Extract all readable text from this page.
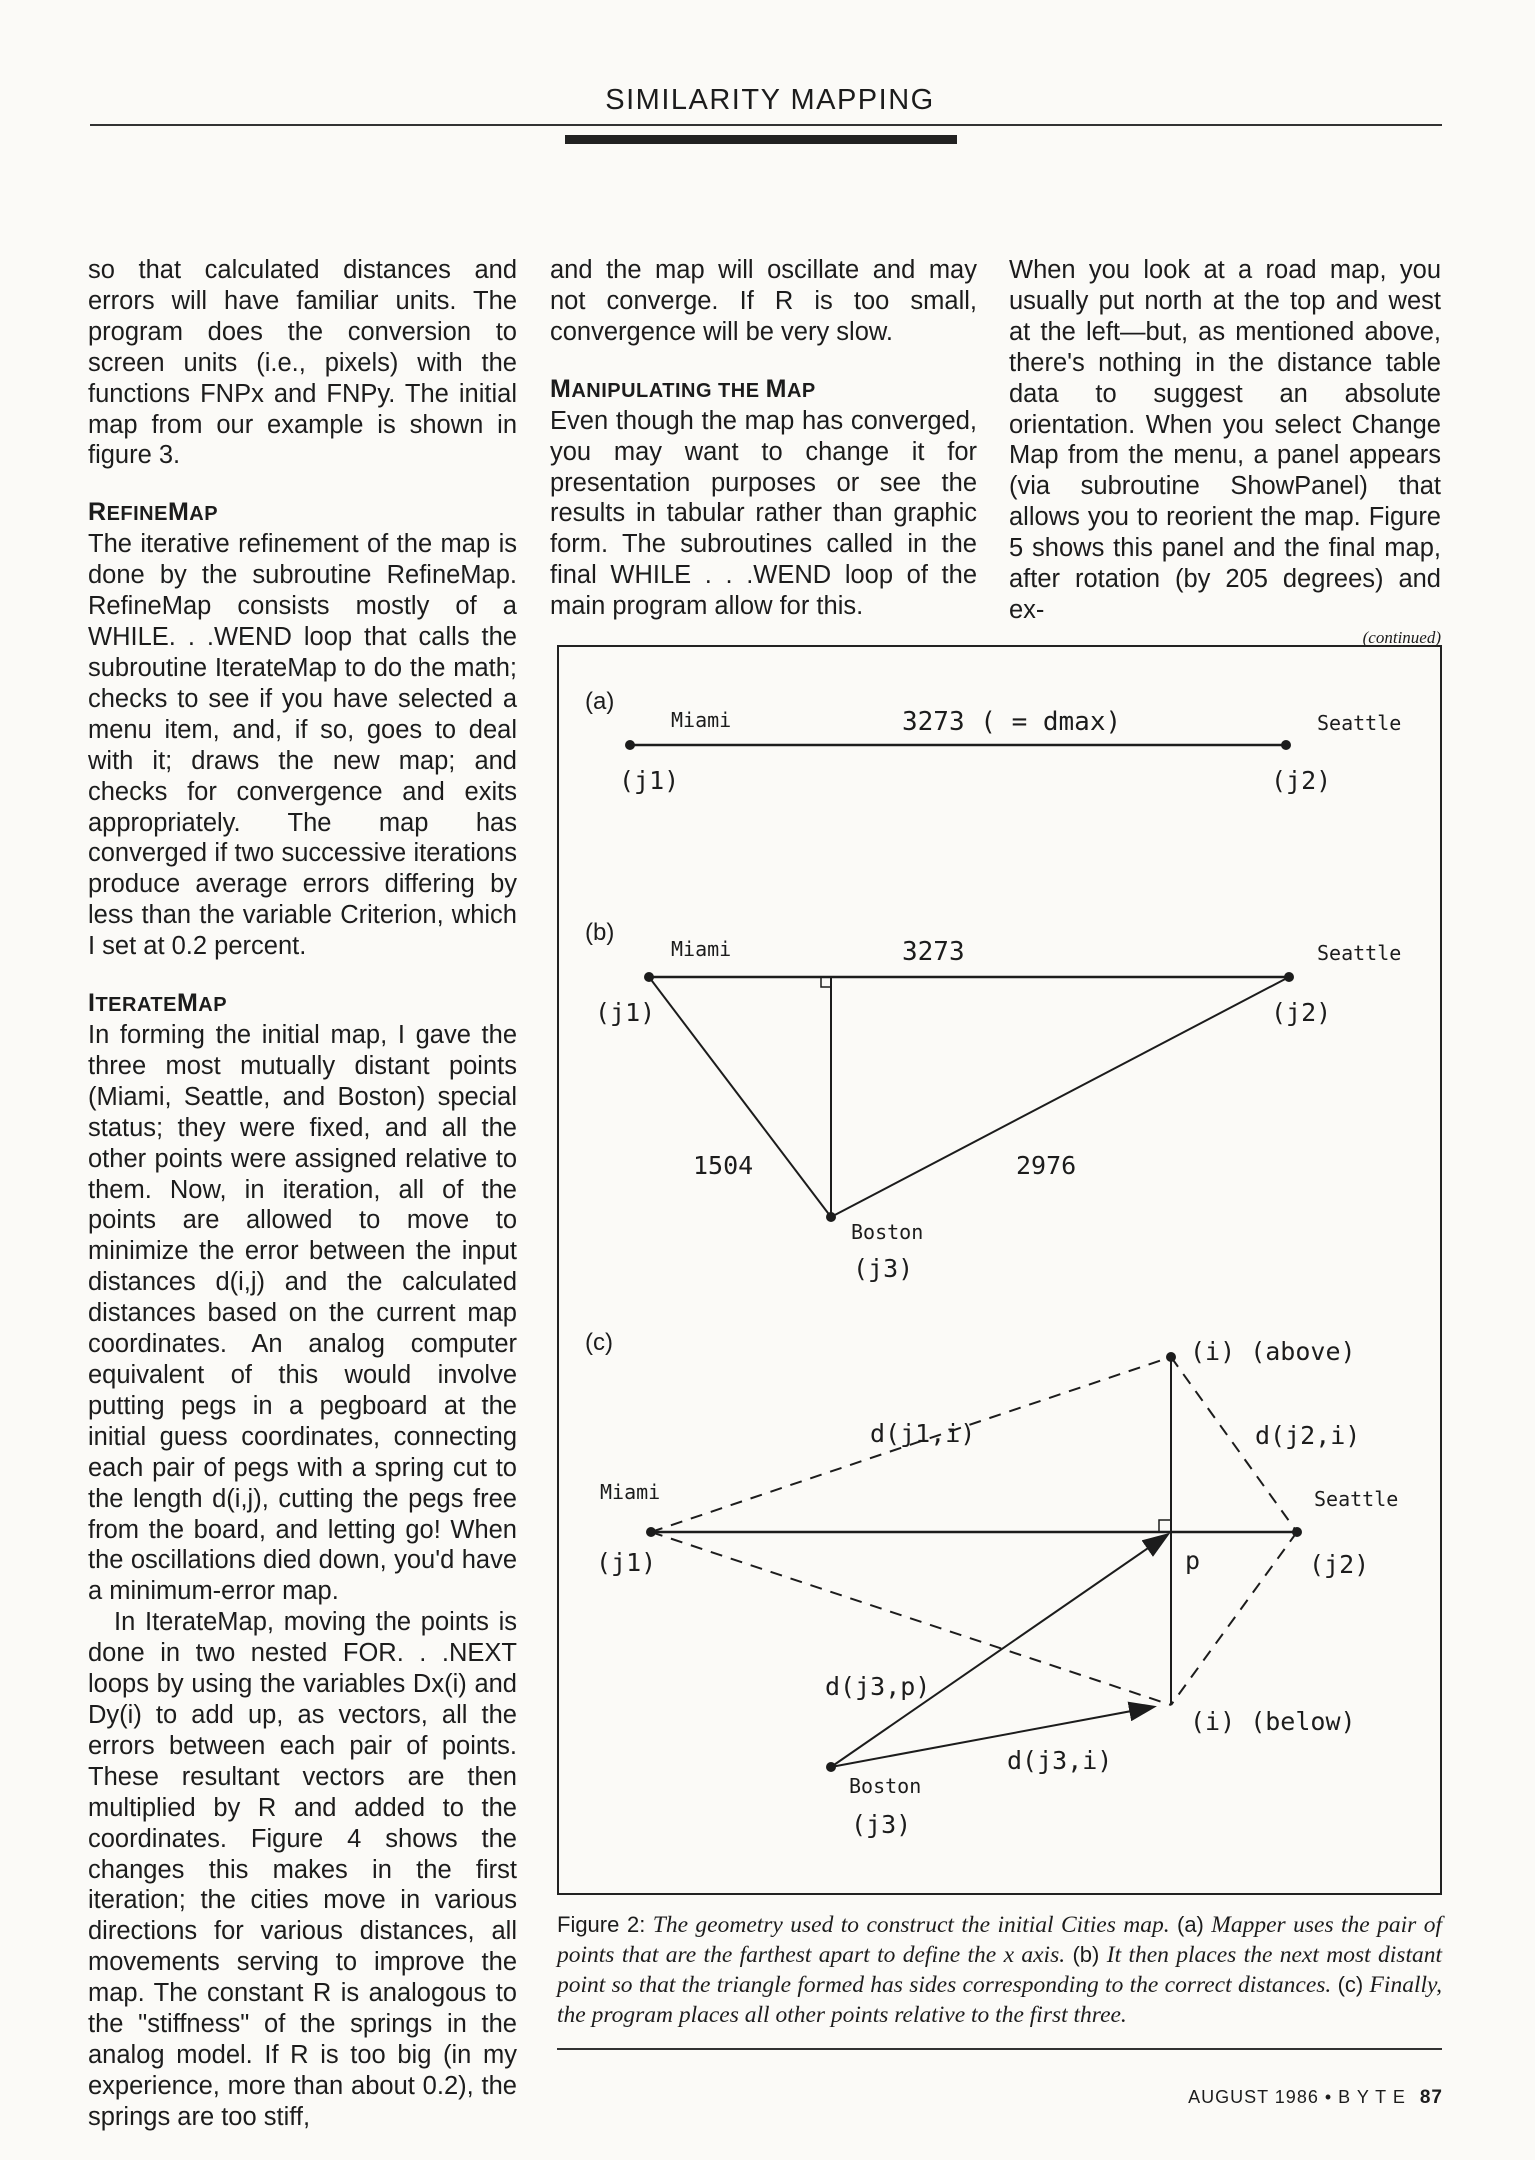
SIMILARITY MAPPING

so that calculated distances and errors will have familiar units. The program does the conversion to screen units (i.e., pixels) with the functions FNPx and FNPy. The initial map from our example is shown in figure 3.

REFINEMAP

The iterative refinement of the map is done by the subroutine RefineMap. RefineMap consists mostly of a WHILE. . .WEND loop that calls the subroutine IterateMap to do the math; checks to see if you have selected a menu item, and, if so, goes to deal with it; draws the new map; and checks for convergence and exits appropriately. The map has converged if two successive iterations produce average errors differing by less than the variable Criterion, which I set at 0.2 percent.

ITERATEMAP

In forming the initial map, I gave the three most mutually distant points (Miami, Seattle, and Boston) special status; they were fixed, and all the other points were assigned relative to them. Now, in iteration, all of the points are allowed to move to minimize the error between the input distances d(i,j) and the calculated distances based on the current map coordinates. An analog computer equivalent of this would involve putting pegs in a pegboard at the initial guess coordinates, connecting each pair of pegs with a spring cut to the length d(i,j), cutting the pegs free from the board, and letting go! When the oscillations died down, you'd have a minimum-error map.

In IterateMap, moving the points is done in two nested FOR. . .NEXT loops by using the variables Dx(i) and Dy(i) to add up, as vectors, all the errors between each pair of points. These resultant vectors are then multiplied by R and added to the coordinates. Figure 4 shows the changes this makes in the first iteration; the cities move in various directions for various distances, all movements serving to improve the map. The constant R is analogous to the "stiffness" of the springs in the analog model. If R is too big (in my experience, more than about 0.2), the springs are too stiff,

and the map will oscillate and may not converge. If R is too small, convergence will be very slow.

MANIPULATING THE MAP

Even though the map has converged, you may want to change it for presentation purposes or see the results in tabular rather than graphic form. The subroutines called in the final WHILE . . .WEND loop of the main program allow for this.

When you look at a road map, you usually put north at the top and west at the left—but, as mentioned above, there's nothing in the distance table data to suggest an absolute orientation. When you select Change Map from the menu, a panel appears (via subroutine ShowPanel) that allows you to reorient the map. Figure 5 shows this panel and the final map, after rotation (by 205 degrees) and ex-

(continued)
(a)
Miami	3273 ( = dmax)	Seattle
(j1)	(j2)
(b)
Miami	3273	Seattle
(j1)	(j2)
1504	2976
Boston
(j3)
(c)
Miami	Seattle
(i) (above)
d(j1,i)	d(j2,i)
(j1)	p	(j2)
d(j3,p)
(i) (below)
d(j3,i)
Boston
(j3)
Figure 2: The geometry used to construct the initial Cities map. (a) Mapper uses the pair of points that are the farthest apart to define the x axis. (b) It then places the next most distant point so that the triangle formed has sides corresponding to the correct distances. (c) Finally, the program places all other points relative to the first three.
AUGUST 1986 • B Y T E 87
